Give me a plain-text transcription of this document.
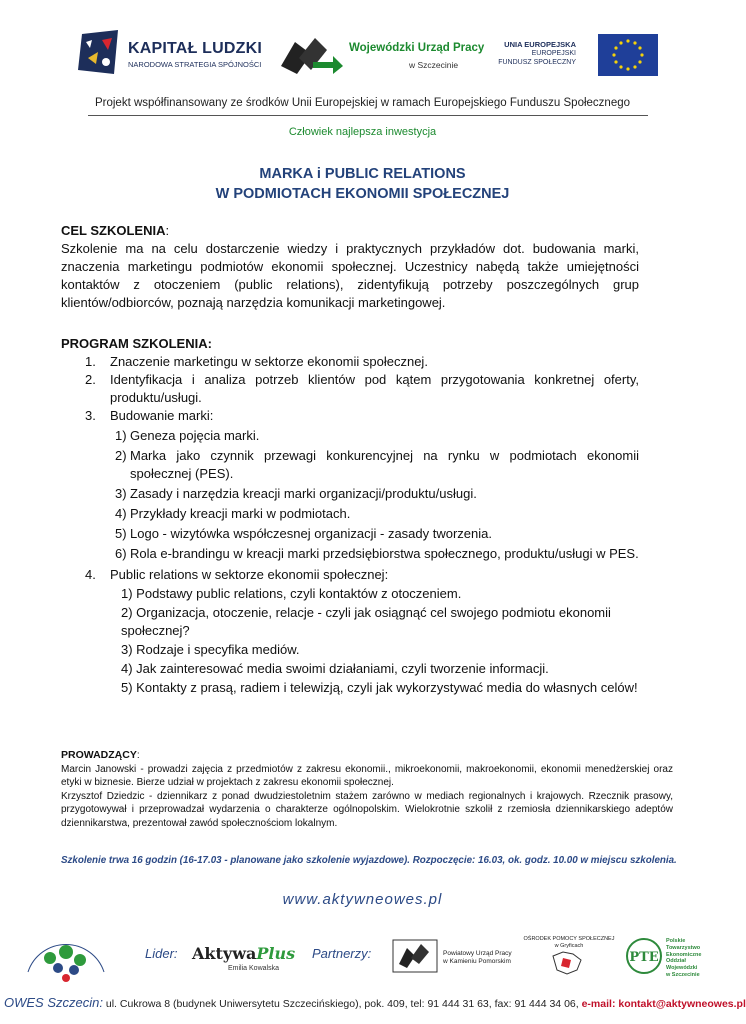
KAPITAŁ LUDZKI
NARODOWA STRATEGIA SPÓJNOŚCI
Wojewódzki Urząd Pracy
w Szczecinie
UNIA EUROPEJSKA
EUROPEJSKI
FUNDUSZ SPOŁECZNY
Projekt współfinansowany ze środków Unii Europejskiej w ramach Europejskiego Funduszu Społecznego
Człowiek najlepsza inwestycja
MARKA i PUBLIC RELATIONS
W PODMIOTACH EKONOMII SPOŁECZNEJ
CEL SZKOLENIA:

Szkolenie ma na celu dostarczenie wiedzy i praktycznych przykładów dot. budowania marki, znaczenia marketingu podmiotów ekonomii społecznej. Uczestnicy nabędą także umiejętności kontaktów z otoczeniem (public relations), zidentyfikują potrzeby poszczególnych grup klientów/odbiorców, poznają narzędzia komunikacji marketingowej.

PROGRAM SZKOLENIA:
1.	Znaczenie marketingu w sektorze ekonomii społecznej.
2.	Identyfikacja i analiza potrzeb klientów pod kątem przygotowania konkretnej oferty, produktu/usługi.
3.	Budowanie marki:
1) Geneza pojęcia marki.
2) Marka jako czynnik przewagi konkurencyjnej na rynku w podmiotach ekonomii społecznej (PES).
3) Zasady i narzędzia kreacji marki organizacji/produktu/usługi.
4) Przykłady kreacji marki w podmiotach.
5) Logo - wizytówka współczesnej organizacji - zasady tworzenia.
6) Rola e-brandingu w kreacji marki przedsiębiorstwa społecznego, produktu/usługi w PES.
4.	Public relations w sektorze ekonomii społecznej:
1) Podstawy public relations, czyli kontaktów z otoczeniem.
2) Organizacja, otoczenie, relacje - czyli jak osiągnąć cel swojego podmiotu ekonomii społecznej?
3) Rodzaje i specyfika mediów.
4) Jak zainteresować media swoimi działaniami, czyli tworzenie informacji.
5) Kontakty z prasą, radiem i telewizją, czyli jak wykorzystywać media do własnych celów!
PROWADZĄCY:

Marcin Janowski - prowadzi zajęcia z przedmiotów z zakresu ekonomii., mikroekonomii, makroekonomii, ekonomii menedżerskiej oraz etyki w biznesie. Bierze udział w projektach z zakresu ekonomii społecznej.

Krzysztof Dziedzic - dziennikarz z ponad dwudziestoletnim stażem zarówno w mediach regionalnych i krajowych. Rzecznik prasowy, przygotowywał i przeprowadzał wydarzenia o charakterze ogólnopolskim. Wielokrotnie szkolił z rzemiosła dziennikarskiego adeptów dziennikarstwa, prezentował zawód społecznościom lokalnym.

Szkolenie trwa 16 godzin (16-17.03 - planowane jako szkolenie wyjazdowe). Rozpoczęcie: 16.03, ok. godz. 10.00 w miejscu szkolenia.
www.aktywneowes.pl
Lider: AktywaPlus
Emilia Kowalska
Partnerzy:	Powiatowy Urząd Pracy
w Kamieniu Pomorskim
OŚRODEK POMOCY SPOŁECZNEJ
w Gryficach
PTE
Polskie
Towarzystwo
Ekonomiczne
Oddział
Wojewódzki
w Szczecinie
OWES Szczecin: ul. Cukrowa 8 (budynek Uniwersytetu Szczecińskiego), pok. 409, tel: 91 444 31 63, fax: 91 444 34 06, e-mail: kontakt@aktywneowes.pl
